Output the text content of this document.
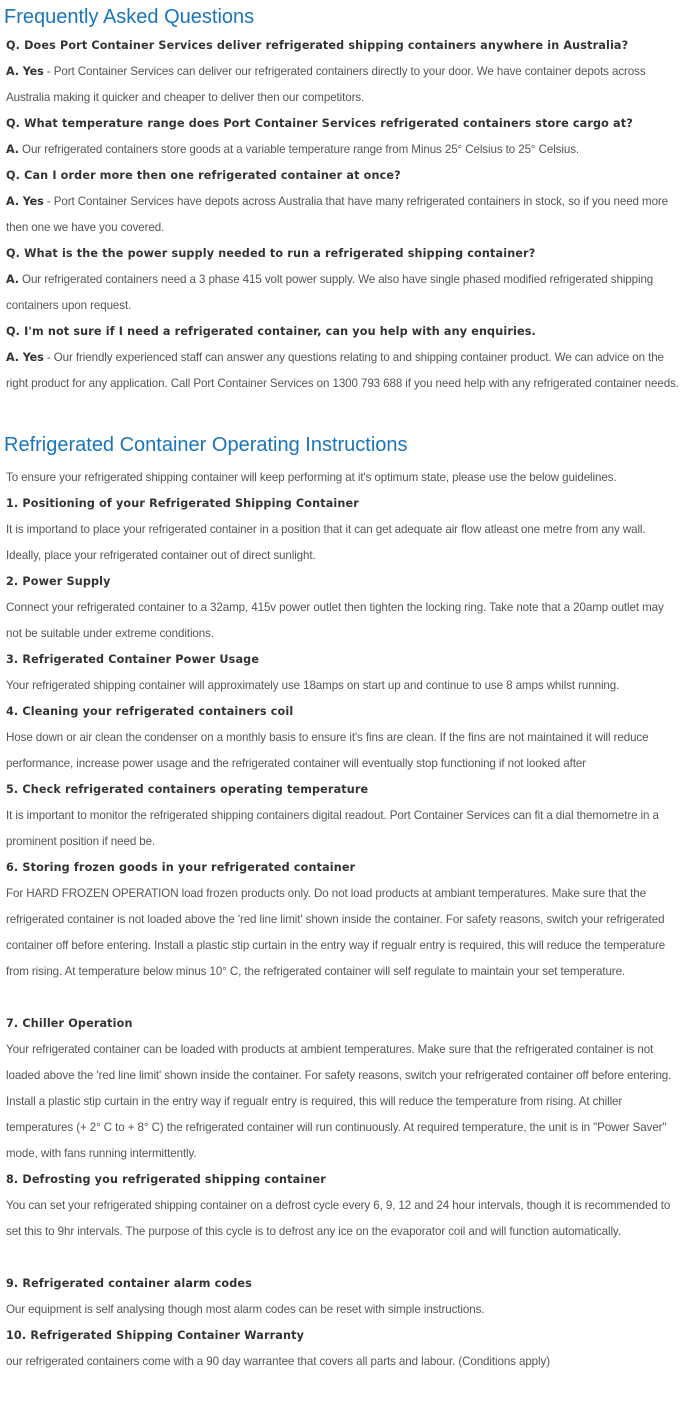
Frequently Asked Questions

Q. Does Port Container Services deliver refrigerated shipping containers anywhere in Australia?

A. Yes - Port Container Services can deliver our refrigerated containers directly to your door. We have container depots across Australia making it quicker and cheaper to deliver then our competitors.

Q. What temperature range does Port Container Services refrigerated containers store cargo at?

A. Our refrigerated containers store goods at a variable temperature range from Minus 25° Celsius to 25° Celsius.

Q. Can I order more then one refrigerated container at once?

A. Yes - Port Container Services have depots across Australia that have many refrigerated containers in stock, so if you need more then one we have you covered.

Q. What is the the power supply needed to run a refrigerated shipping container?

A. Our refrigerated containers need a 3 phase 415 volt power supply. We also have single phased modified refrigerated shipping containers upon request.

Q. I'm not sure if I need a refrigerated container, can you help with any enquiries.

A. Yes - Our friendly experienced staff can answer any questions relating to and shipping container product. We can advice on the right product for any application. Call Port Container Services on 1300 793 688 if you need help with any refrigerated container needs.

Refrigerated Container Operating Instructions

To ensure your refrigerated shipping container will keep performing at it's optimum state, please use the below guidelines.

1. Positioning of your Refrigerated Shipping Container

It is importand to place your refrigerated container in a position that it can get adequate air flow atleast one metre from any wall. Ideally, place your refrigerated container out of direct sunlight.

2. Power Supply

Connect your refrigerated container to a 32amp, 415v power outlet then tighten the locking ring. Take note that a 20amp outlet may not be suitable under extreme conditions.

3. Refrigerated Container Power Usage

Your refrigerated shipping container will approximately use 18amps on start up and continue to use 8 amps whilst running.

4. Cleaning your refrigerated containers coil

Hose down or air clean the condenser on a monthly basis to ensure it's fins are clean. If the fins are not maintained it will reduce performance, increase power usage and the refrigerated container will eventually stop functioning if not looked after

5. Check refrigerated containers operating temperature

It is important to monitor the refrigerated shipping containers digital readout. Port Container Services can fit a dial themometre in a prominent position if need be.

6. Storing frozen goods in your refrigerated container

For HARD FROZEN OPERATION load frozen products only. Do not load products at ambiant temperatures. Make sure that the refrigerated container is not loaded above the 'red line limit' shown inside the container. For safety reasons, switch your refrigerated container off before entering. Install a plastic stip curtain in the entry way if regualr entry is required, this will reduce the temperature from rising. At temperature below minus 10° C, the refrigerated container will self regulate to maintain your set temperature.

7. Chiller Operation

Your refrigerated container can be loaded with products at ambient temperatures. Make sure that the refrigerated container is not loaded above the 'red line limit' shown inside the container. For safety reasons, switch your refrigerated container off before entering. Install a plastic stip curtain in the entry way if regualr entry is required, this will reduce the temperature from rising. At chiller temperatures (+ 2° C to + 8° C) the refrigerated container will run continuously. At required temperature, the unit is in "Power Saver" mode, with fans running intermittently.

8. Defrosting you refrigerated shipping container

You can set your refrigerated shipping container on a defrost cycle every 6, 9, 12 and 24 hour intervals, though it is recommended to set this to 9hr intervals. The purpose of this cycle is to defrost any ice on the evaporator coil and will function automatically.

9. Refrigerated container alarm codes

Our equipment is self analysing though most alarm codes can be reset with simple instructions.

10. Refrigerated Shipping Container Warranty

our refrigerated containers come with a 90 day warrantee that covers all parts and labour. (Conditions apply)
